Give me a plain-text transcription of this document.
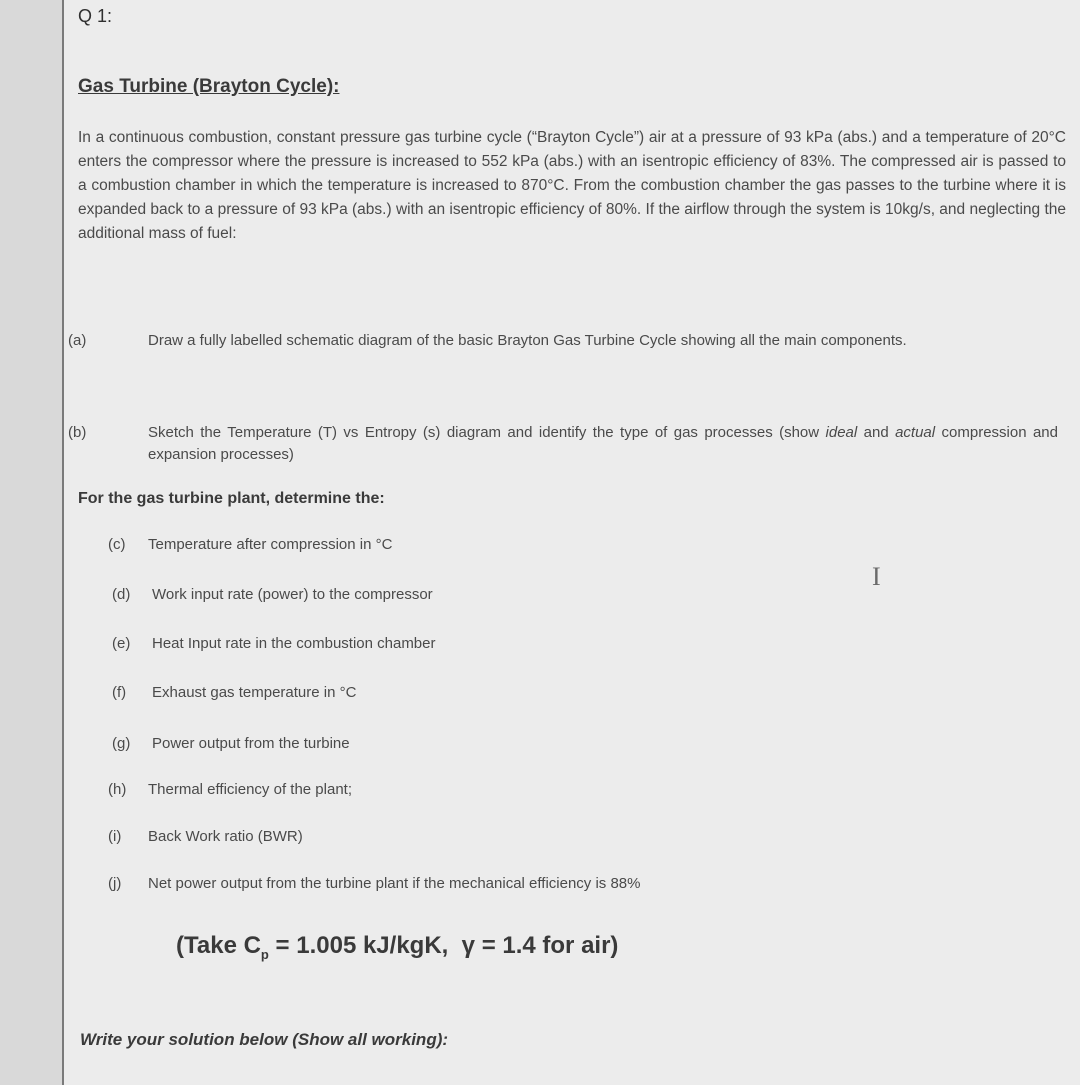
Q 1:
Gas Turbine (Brayton Cycle):
In a continuous combustion, constant pressure gas turbine cycle (“Brayton Cycle”) air at a pressure of 93 kPa (abs.) and a temperature of 20°C enters the compressor where the pressure is increased to 552 kPa (abs.) with an isentropic efficiency of 83%. The compressed air is passed to a combustion chamber in which the temperature is increased to 870°C. From the combustion chamber the gas passes to the turbine where it is expanded back to a pressure of 93 kPa (abs.) with an isentropic efficiency of 80%. If the airflow through the system is 10kg/s, and neglecting the additional mass of fuel:
(a)	Draw a fully labelled schematic diagram of the basic Brayton Gas Turbine Cycle showing all the main components.
(b)	Sketch the Temperature (T) vs Entropy (s) diagram and identify the type of gas processes (show ideal and actual compression and expansion processes)
For the gas turbine plant, determine the:
(c) Temperature after compression in °C
(d) Work input rate (power) to the compressor
(e) Heat Input rate in the combustion chamber
(f) Exhaust gas temperature in °C
(g) Power output from the turbine
(h) Thermal efficiency of the plant;
(i) Back Work ratio (BWR)
(j) Net power output from the turbine plant if the mechanical efficiency is 88%
(Take $C_p = 1.005$ kJ/kgK, γ = 1.4 for air)
I
Write your solution below (Show all working):
